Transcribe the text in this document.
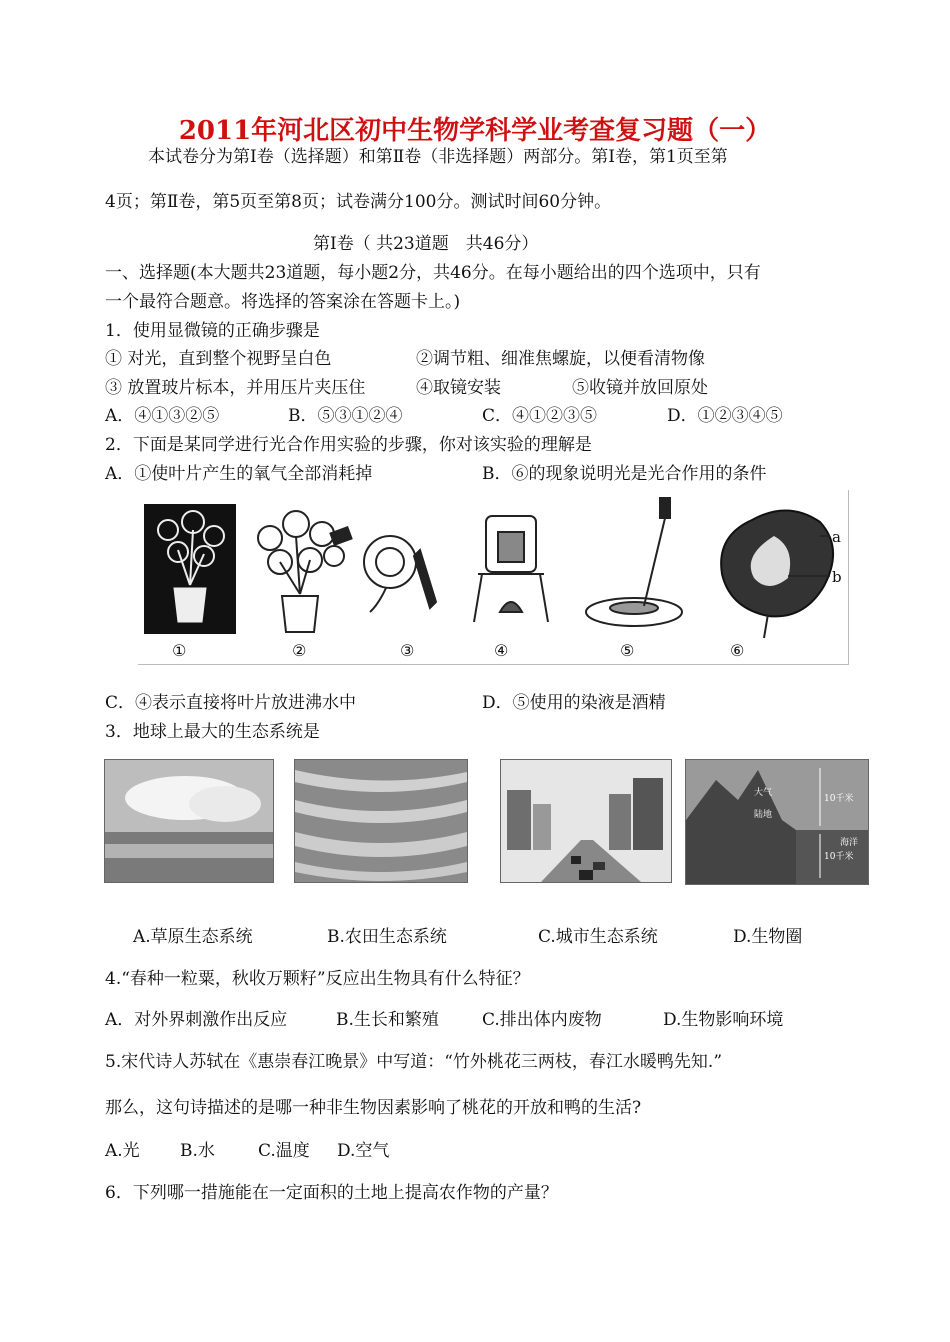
2011年河北区初中生物学科学业考查复习题（一）
本试卷分为第Ⅰ卷（选择题）和第Ⅱ卷（非选择题）两部分。第Ⅰ卷，第1页至第
4页；第Ⅱ卷，第5页至第8页；试卷满分100分。测试时间60分钟。
第Ⅰ卷（ 共23道题　共46分）
一、选择题(本大题共23道题，每小题2分，共46分。在每小题给出的四个选项中，只有
一个最符合题意。将选择的答案涂在答题卡上。)
1．使用显微镜的正确步骤是
① 对光，直到整个视野呈白色	②调节粗、细准焦螺旋，以便看清物像
③ 放置玻片标本，并用压片夹压住	④取镜安装	⑤收镜并放回原处
A．④①③②⑤	B．⑤③①②④	C．④①②③⑤	D．①②③④⑤
2．下面是某同学进行光合作用实验的步骤，你对该实验的理解是
A．①使叶片产生的氧气全部消耗掉	B．⑥的现象说明光是光合作用的条件
a
b
①	②	③	④	⑤	⑥
C．④表示直接将叶片放进沸水中	D．⑤使用的染液是酒精
3．地球上最大的生态系统是
大气
陆地
10千米
海洋
10千米
A.草原生态系统	B.农田生态系统	C.城市生态系统	D.生物圈
4.“春种一粒粟，秋收万颗籽”反应出生物具有什么特征？
A．对外界刺激作出反应	B.生长和繁殖	C.排出体内废物	D.生物影响环境
5.宋代诗人苏轼在《惠崇春江晚景》中写道：“竹外桃花三两枝，春江水暖鸭先知.”
那么，这句诗描述的是哪一种非生物因素影响了桃花的开放和鸭的生活?
A.光 B.水	C.温度 D.空气
6．下列哪一措施能在一定面积的土地上提高农作物的产量？
